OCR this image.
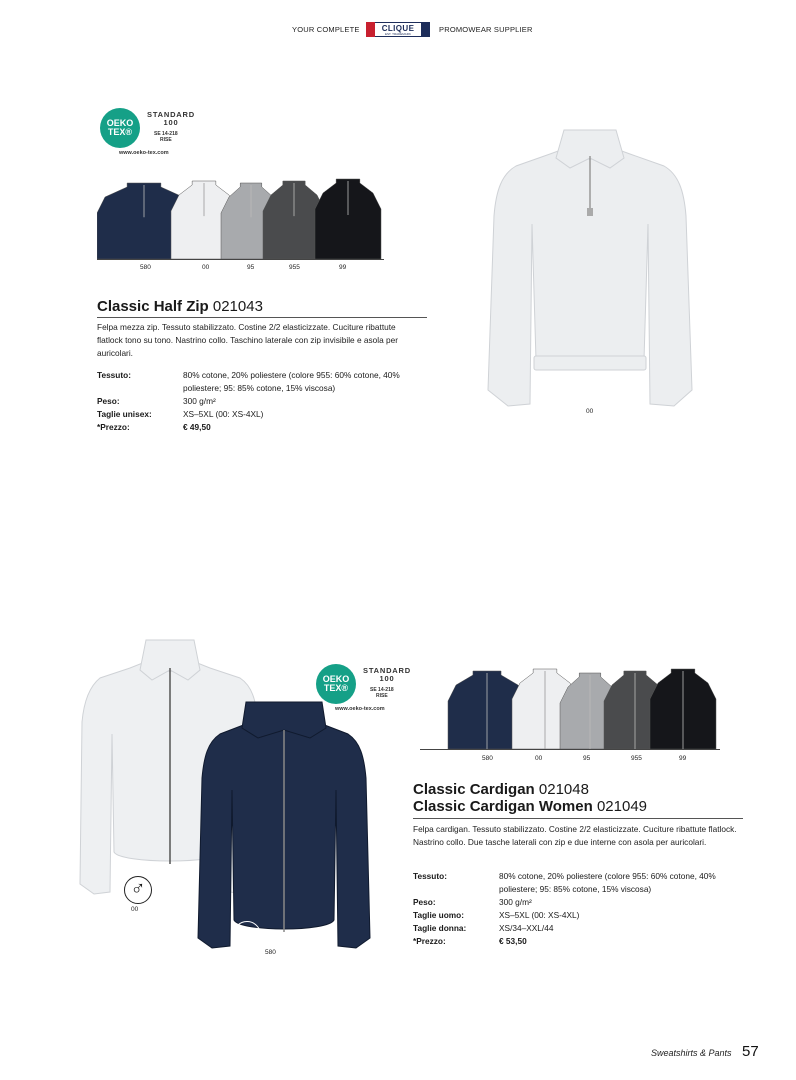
YOUR COMPLETE	CLIQUE
EST. TRADEMARK	PROMOWEAR SUPPLIER
OEKO
TEX®
STANDARD 100
SE 14-218
RISE
www.oeko-tex.com
580	00	95	955	99
Classic Half Zip 021043
Felpa mezza zip. Tessuto stabilizzato. Costine 2/2 elasticizzate. Cuciture ribattute flatlock tono su tono. Nastrino collo. Taschino laterale con zip invisibile e asola per auricolari.
Tessuto:	80% cotone, 20% poliestere (colore 955: 60% cotone, 40% poliestere; 95: 85% cotone, 15% viscosa)
Peso:	300 g/m²
Taglie unisex:	XS–5XL (00: XS-4XL)
*Prezzo:	€ 49,50
00
♂
00
♀
580
OEKO
TEX®
STANDARD 100
SE 14-218
RISE
www.oeko-tex.com
580	00	95	955	99
Classic Cardigan 021048
Classic Cardigan Women 021049
Felpa cardigan. Tessuto stabilizzato. Costine 2/2 elasticizzate. Cuciture ribattute flatlock. Nastrino collo. Due tasche laterali con zip e due interne con asola per auricolari.
Tessuto:	80% cotone, 20% poliestere (colore 955: 60% cotone, 40% poliestere; 95: 85% cotone, 15% viscosa)
Peso:	300 g/m²
Taglie uomo:	XS–5XL (00: XS-4XL)
Taglie donna:	XS/34–XXL/44
*Prezzo:	€ 53,50
Sweatshirts & Pants 57
